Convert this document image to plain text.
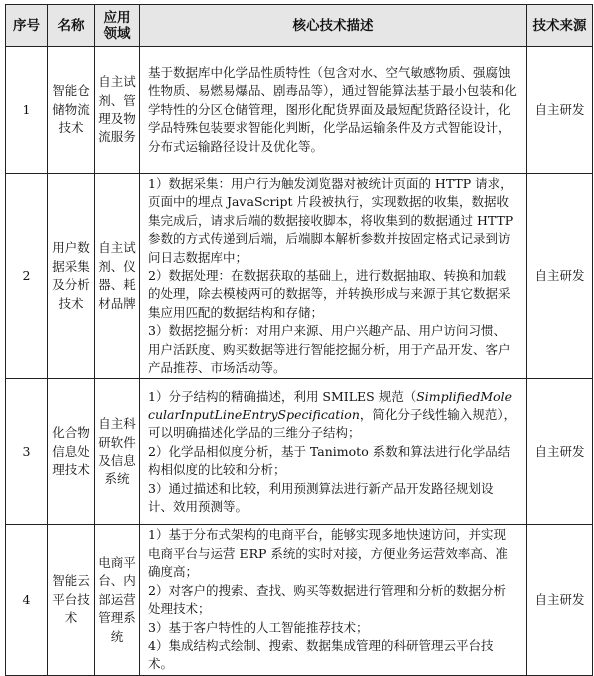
序号	名称	应用领域	核心技术描述	技术来源
1	智能仓储物流技术	自主试剂、管理及物流服务	基于数据库中化学品性质特性（包含对水、空气敏感物质、强腐蚀性物质、易燃易爆品、剧毒品等），通过智能算法基于最小包装和化学特性的分区仓储管理，图形化配货界面及最短配货路径设计，化学品特殊包装要求智能化判断，化学品运输条件及方式智能设计，分布式运输路径设计及优化等。	自主研发
2	用户数据采集及分析技术	自主试剂、仪器、耗材品牌	1）数据采集：用户行为触发浏览器对被统计页面的 HTTP 请求，页面中的埋点 JavaScript 片段被执行，实现数据的收集，数据收集完成后，请求后端的数据接收脚本，将收集到的数据通过 HTTP 参数的方式传递到后端，后端脚本解析参数并按固定格式记录到访问日志数据库中；
2）数据处理：在数据获取的基础上，进行数据抽取、转换和加载的处理，除去模棱两可的数据等，并转换形成与来源于其它数据采集应用匹配的数据结构和存储；
3）数据挖掘分析：对用户来源、用户兴趣产品、用户访问习惯、用户活跃度、购买数据等进行智能挖掘分析，用于产品开发、客户产品推荐、市场活动等。	自主研发
3	化合物信息处理技术	自主科研软件及信息系统	1）分子结构的精确描述，利用 SMILES 规范（SimplifiedMolecularInputLineEntrySpecification，简化分子线性输入规范），可以明确描述化学品的三维分子结构；
2）化学品相似度分析，基于 Tanimoto 系数和算法进行化学品结构相似度的比较和分析；
3）通过描述和比较，利用预测算法进行新产品开发路径规划设计、效用预测等。	自主研发
4	智能云平台技术	电商平台、内部运营管理系统	1）基于分布式架构的电商平台，能够实现多地快速访问，并实现电商平台与运营 ERP 系统的实时对接，方便业务运营效率高、准确度高；
2）对客户的搜索、查找、购买等数据进行管理和分析的数据分析处理技术；
3）基于客户特性的人工智能推荐技术；
4）集成结构式绘制、搜索、数据集成管理的科研管理云平台技术。	自主研发
